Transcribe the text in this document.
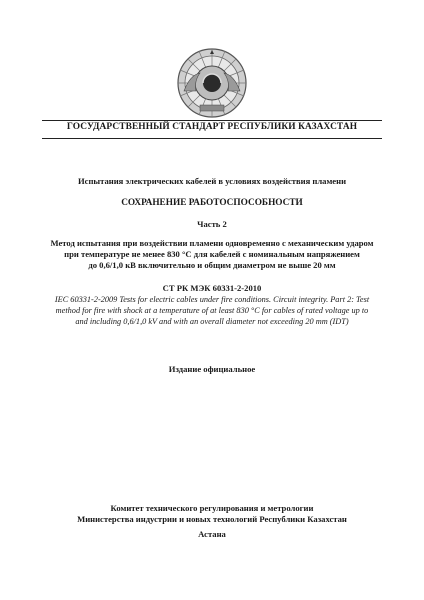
ГОСУДАРСТВЕННЫЙ СТАНДАРТ РЕСПУБЛИКИ КАЗАХСТАН
Испытания электрических кабелей в условиях воздействия пламени
СОХРАНЕНИЕ РАБОТОСПОСОБНОСТИ
Часть 2
Метод испытания при воздействии пламени одновременно с механическим ударом
при температуре не менее 830 °С для кабелей с номинальным напряжением
до 0,6/1,0 кВ включительно и общим диаметром не выше 20 мм
СТ РК МЭК 60331-2-2010
IEC 60331-2-2009 Tests for electric cables under fire conditions. Circuit integrity. Part 2: Test
method for fire with shock at a temperature of at least 830 °C for cables of rated voltage up to
and including 0,6/1,0 kV and with an overall diameter not exceeding 20 mm (IDT)
Издание официальное
Комитет технического регулирования и метрологии
Министерства индустрии и новых технологий Республики Казахстан
Астана
